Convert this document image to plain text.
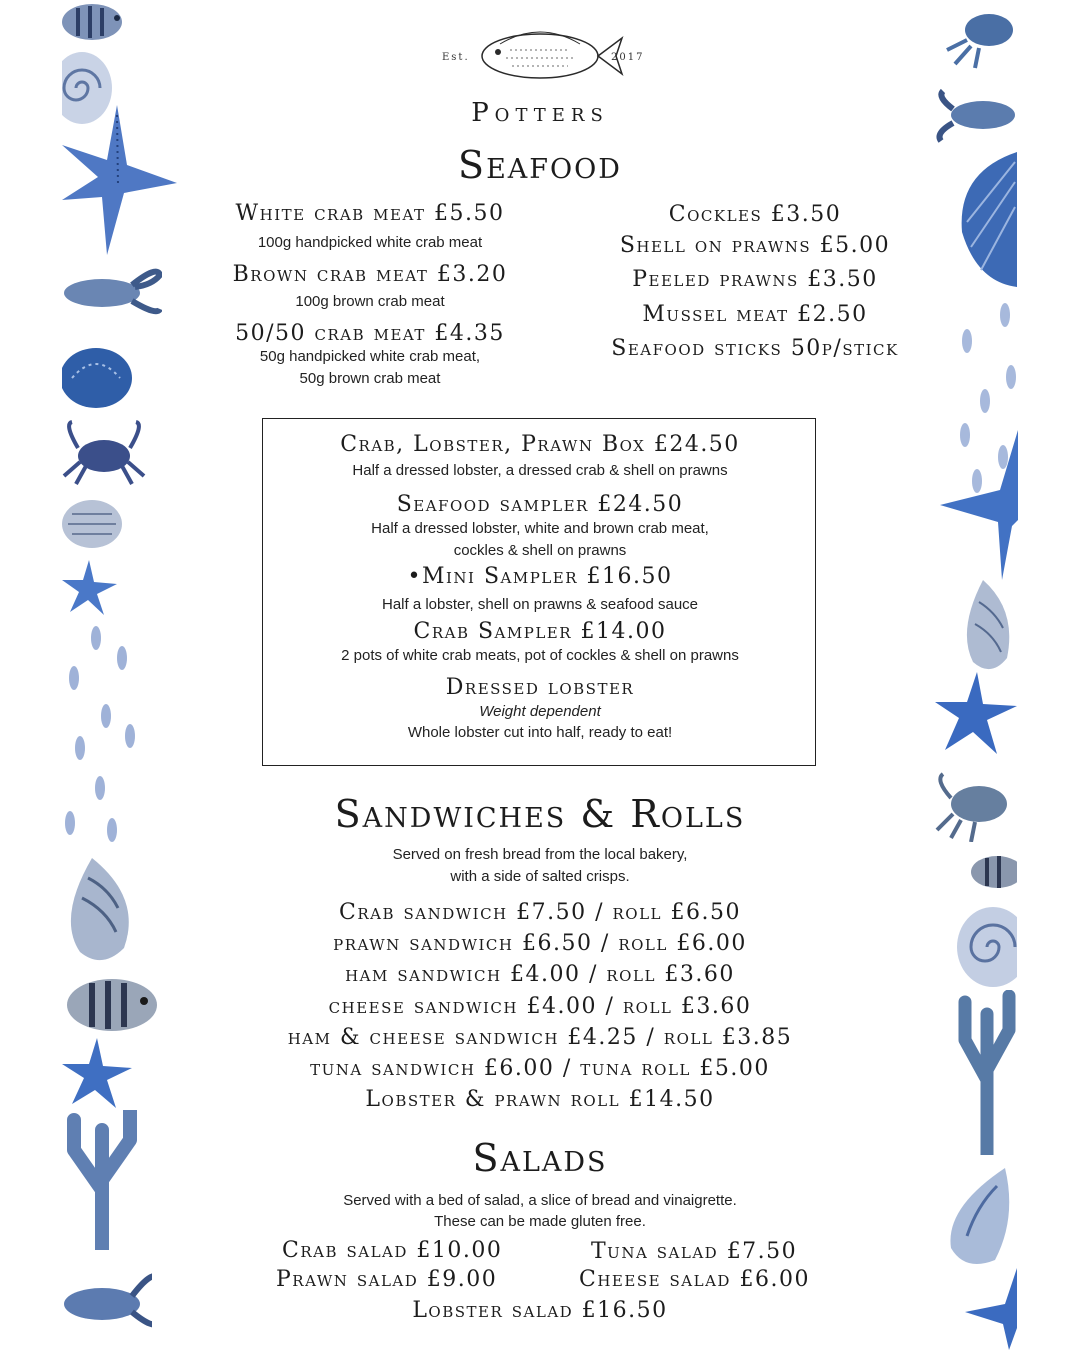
Est.	2017
Potters
Seafood
White crab meat £5.50
100g handpicked white crab meat
Brown crab meat £3.20
100g brown crab meat
50/50 crab meat £4.35
50g handpicked white crab meat,
50g brown crab meat
Cockles £3.50
Shell on prawns £5.00
Peeled prawns £3.50
Mussel meat £2.50
Seafood sticks 50p/stick
Crab, Lobster, Prawn Box £24.50
Half a dressed lobster, a dressed crab & shell on prawns
Seafood sampler £24.50
Half a dressed lobster, white and brown crab meat,
cockles & shell on prawns
•Mini Sampler £16.50
Half a lobster, shell on prawns & seafood sauce
Crab Sampler £14.00
2 pots of white crab meats, pot of cockles & shell on prawns
Dressed lobster
Weight dependent
Whole lobster cut into half, ready to eat!
Sandwiches & Rolls
Served on fresh bread from the local bakery,
with a side of salted crisps.
Crab sandwich £7.50 / roll £6.50
prawn sandwich £6.50 / roll £6.00
ham sandwich £4.00 / roll £3.60
cheese sandwich £4.00 / roll £3.60
ham & cheese sandwich £4.25 / roll £3.85
tuna sandwich £6.00 / tuna roll £5.00
Lobster & prawn roll £14.50
Salads
Served with a bed of salad, a slice of bread and vinaigrette.
These can be made gluten free.
Crab salad £10.00	Tuna salad £7.50
Prawn salad £9.00	Cheese salad £6.00
Lobster salad £16.50
